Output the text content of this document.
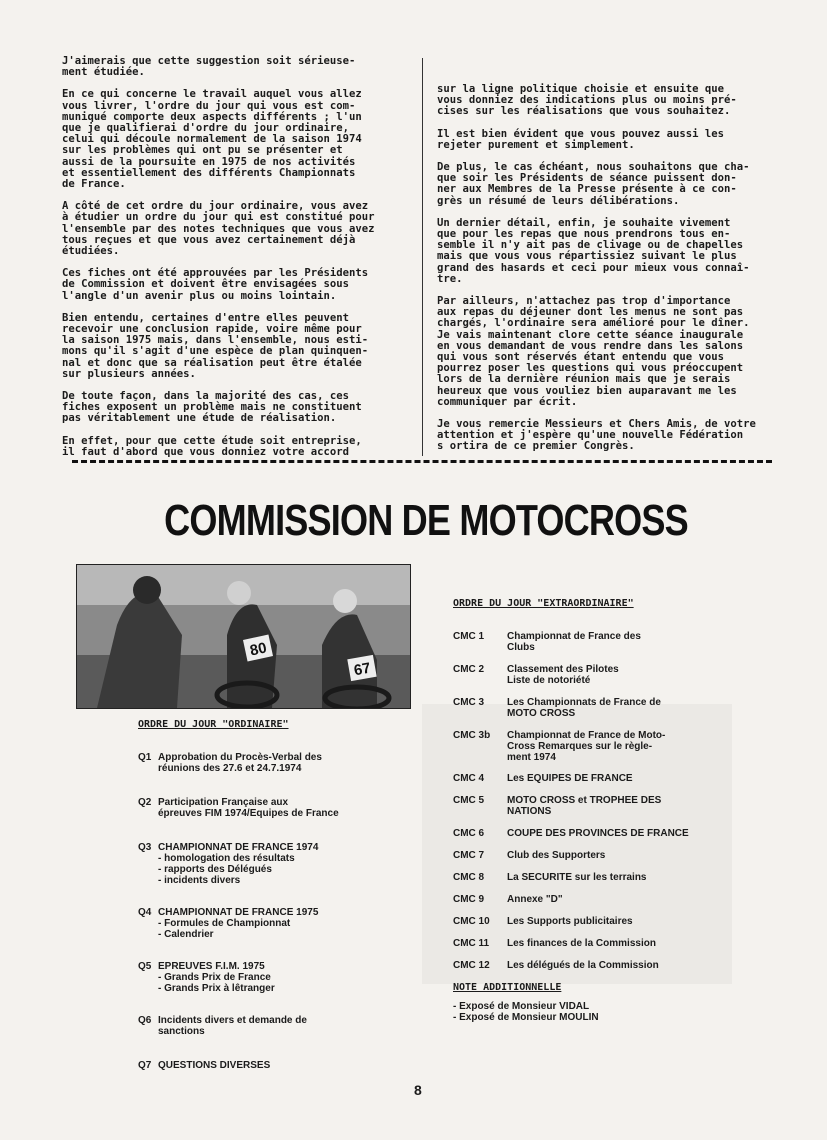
J'aimerais que cette suggestion soit sérieuse-
ment étudiée.

En ce qui concerne le travail auquel vous allez
vous livrer, l'ordre du jour qui vous est com-
muniqué comporte deux aspects différents ; l'un
que je qualifierai d'ordre du jour ordinaire,
celui qui découle normalement de la saison 1974
sur les problèmes qui ont pu se présenter et
aussi de la poursuite en 1975 de nos activités
et essentiellement des différents Championnats
de France.

A côté de cet ordre du jour ordinaire, vous avez
à étudier un ordre du jour qui est constitué pour
l'ensemble par des notes techniques que vous avez
tous reçues et que vous avez certainement déjà
étudiées.

Ces fiches ont été approuvées par les Présidents
de Commission et doivent être envisagées sous
l'angle d'un avenir plus ou moins lointain.

Bien entendu, certaines d'entre elles peuvent
recevoir une conclusion rapide, voire même pour
la saison 1975 mais, dans l'ensemble, nous esti-
mons qu'il s'agit d'une espèce de plan quinquen-
nal et donc que sa réalisation peut être étalée
sur plusieurs années.

De toute façon, dans la majorité des cas, ces
fiches exposent un problème mais ne constituent
pas véritablement une étude de réalisation.

En effet, pour que cette étude soit entreprise,
il faut d'abord que vous donniez votre accord

sur la ligne politique choisie et ensuite que
vous donniez des indications plus ou moins pré-
cises sur les réalisations que vous souhaitez.

Il est bien évident que vous pouvez aussi les
rejeter purement et simplement.

De plus, le cas échéant, nous souhaitons que cha-
que soir les Présidents de séance puissent don-
ner aux Membres de la Presse présente à ce con-
grès un résumé de leurs délibérations.

Un dernier détail, enfin, je souhaite vivement
que pour les repas que nous prendrons tous en-
semble il n'y ait pas de clivage ou de chapelles
mais que vous vous répartissiez suivant le plus
grand des hasards et ceci pour mieux vous connaî-
tre.

Par ailleurs, n'attachez pas trop d'importance
aux repas du déjeuner dont les menus ne sont pas
chargés, l'ordinaire sera amélioré pour le dîner.
Je vais maintenant clore cette séance inaugurale
en vous demandant de vous rendre dans les salons
qui vous sont réservés étant entendu que vous
pourrez poser les questions qui vous préoccupent
lors de la dernière réunion mais que je serais
heureux que vous vouliez bien auparavant me les
communiquer par écrit.

Je vous remercie Messieurs et Chers Amis, de votre
attention et j'espère qu'une nouvelle Fédération
s ortira de ce premier Congrès.

COMMISSION DE MOTOCROSS
80
67
ORDRE DU JOUR "ORDINAIRE"
Q1 Approbation du Procès-Verbal des
réunions des 27.6 et 24.7.1974
Q2 Participation Française aux
épreuves FIM 1974/Equipes de France
Q3 CHAMPIONNAT DE FRANCE 1974
- homologation des résultats
- rapports des Délégués
- incidents divers
Q4 CHAMPIONNAT DE FRANCE 1975
- Formules de Championnat
- Calendrier
Q5 EPREUVES F.I.M. 1975
- Grands Prix de France
- Grands Prix à lêtranger
Q6 Incidents divers et demande de
sanctions
Q7 QUESTIONS DIVERSES
ORDRE DU JOUR "EXTRAORDINAIRE"
CMC 1	Championnat de France des
Clubs
CMC 2	Classement des Pilotes
Liste de notoriété
CMC 3	Les Championnats de France de
MOTO CROSS
CMC 3b	Championnat de France de Moto-
Cross Remarques sur le règle-
ment 1974
CMC 4	Les EQUIPES DE FRANCE
CMC 5	MOTO CROSS et TROPHEE DES
NATIONS
CMC 6	COUPE DES PROVINCES DE FRANCE
CMC 7	Club des Supporters
CMC 8	La SECURITE sur les terrains
CMC 9	Annexe "D"
CMC 10	Les Supports publicitaires
CMC 11	Les finances de la Commission
CMC 12	Les délégués de la Commission
NOTE ADDITIONNELLE
- Exposé de Monsieur VIDAL
- Exposé de Monsieur MOULIN
8
